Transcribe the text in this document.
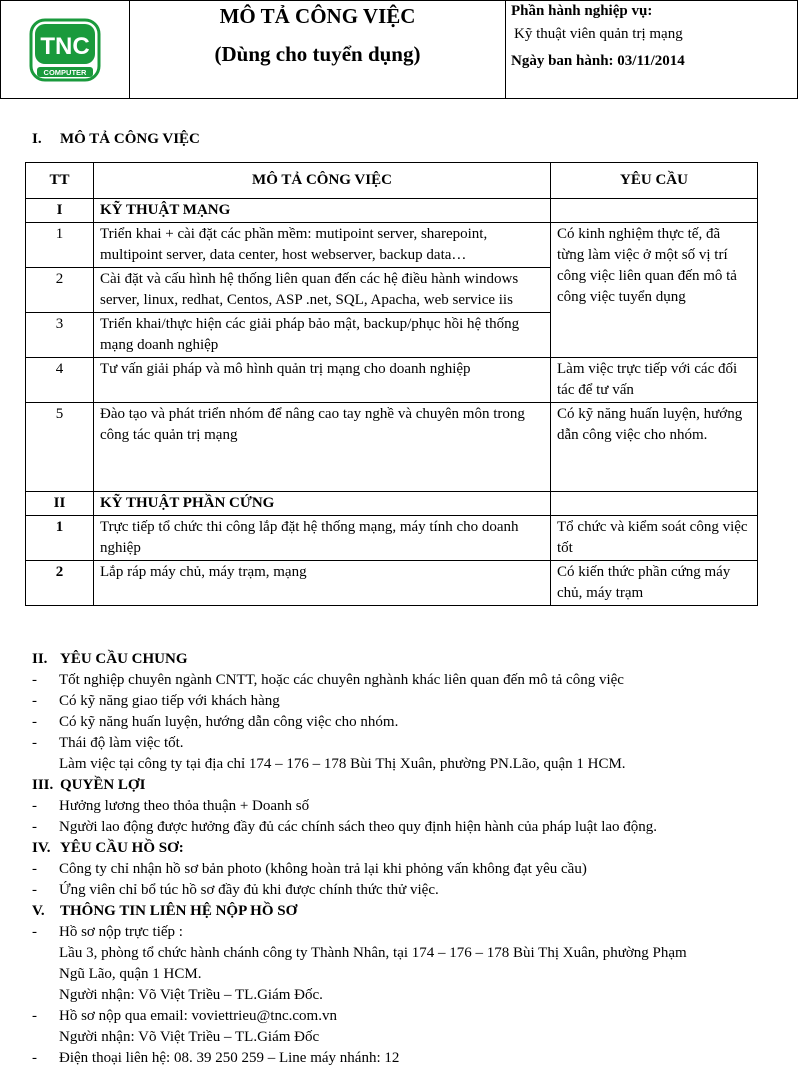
TNC
COMPUTER
MÔ TẢ CÔNG VIỆC
(Dùng cho tuyển dụng)
Phần hành nghiệp vụ:
Kỹ thuật viên quản trị mạng
Ngày ban hành: 03/11/2014
I. MÔ TẢ CÔNG VIỆC
TT	MÔ TẢ CÔNG VIỆC	YÊU CẦU
I	KỸ THUẬT MẠNG	
1	Triển khai + cài đặt các phần mềm: mutipoint server, sharepoint, multipoint server, data center, host webserver, backup data…	Có kinh nghiệm thực tế, đã từng làm việc ở một số vị trí công việc liên quan đến mô tả công việc tuyển dụng
2	Cài đặt và cấu hình hệ thống liên quan đến các hệ điều hành windows server, linux, redhat, Centos, ASP .net, SQL, Apacha, web service iis	
3	Triển khai/thực hiện các giải pháp bảo mật, backup/phục hồi hệ thống mạng doanh nghiệp	
4	Tư vấn giải pháp và mô hình quản trị mạng cho doanh nghiệp	Làm việc trực tiếp với các đối tác để tư vấn
5	Đào tạo và phát triển nhóm để nâng cao tay nghề và chuyên môn trong công tác quản trị mạng	Có kỹ năng huấn luyện, hướng dẫn công việc cho nhóm.
II	KỸ THUẬT PHẦN CỨNG	
1	Trực tiếp tổ chức thi công lắp đặt hệ thống mạng, máy tính cho doanh nghiệp	Tổ chức và kiểm soát công việc tốt
2	Lắp ráp máy chủ, máy trạm, mạng	Có kiến thức phần cứng máy chủ, máy trạm
II. YÊU CẦU CHUNG
- Tốt nghiệp chuyên ngành CNTT, hoặc các chuyên nghành khác liên quan đến mô tả công việc
- Có kỹ năng giao tiếp với khách hàng
- Có kỹ năng huấn luyện, hướng dẫn công việc cho nhóm.
- Thái độ làm việc tốt.
Làm việc tại công ty tại địa chỉ 174 – 176 – 178 Bùi Thị Xuân, phường PN.Lão, quận 1 HCM.
III. QUYỀN LỢI
- Hưởng lương theo thỏa thuận + Doanh số
- Người lao động được hưởng đầy đủ các chính sách theo quy định hiện hành của pháp luật lao động.
IV. YÊU CẦU HỒ SƠ:
- Công ty chỉ nhận hồ sơ bản photo (không hoàn trả lại khi phỏng vấn không đạt yêu cầu)
- Ứng viên chỉ bổ túc hồ sơ đầy đủ khi được chính thức thử việc.
V. THÔNG TIN LIÊN HỆ NỘP HỒ SƠ
- Hồ sơ nộp trực tiếp :
Lầu 3, phòng tổ chức hành chánh công ty Thành Nhân, tại 174 – 176 – 178 Bùi Thị Xuân, phường Phạm
Ngũ Lão, quận 1 HCM.
Người nhận: Võ Việt Triều – TL.Giám Đốc.
- Hồ sơ nộp qua email: voviettrieu@tnc.com.vn
Người nhận: Võ Việt Triều – TL.Giám Đốc
- Điện thoại liên hệ: 08. 39 250 259 – Line máy nhánh: 12
